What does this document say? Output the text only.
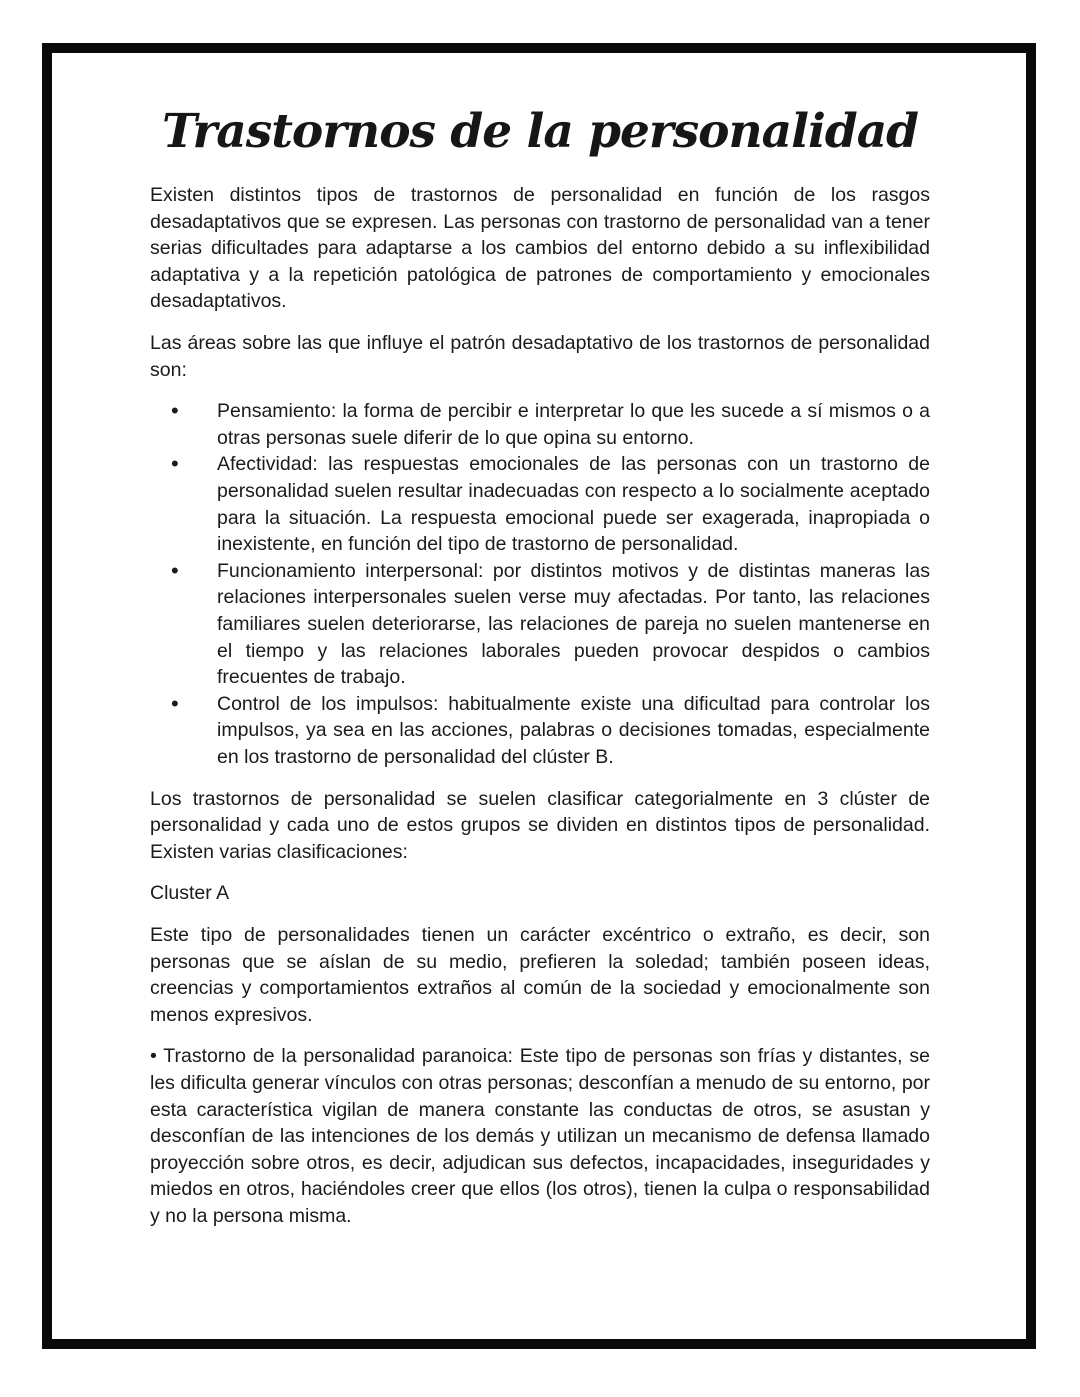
Trastornos de la personalidad

Existen distintos tipos de trastornos de personalidad en función de los rasgos desadaptativos que se expresen. Las personas con trastorno de personalidad van a tener serias dificultades para adaptarse a los cambios del entorno debido a su inflexibilidad adaptativa y a la repetición patológica de patrones de comportamiento y emocionales desadaptativos.

Las áreas sobre las que influye el patrón desadaptativo de los trastornos de personalidad son:

• Pensamiento: la forma de percibir e interpretar lo que les sucede a sí mismos o a otras personas suele diferir de lo que opina su entorno.
• Afectividad: las respuestas emocionales de las personas con un trastorno de personalidad suelen resultar inadecuadas con respecto a lo socialmente aceptado para la situación. La respuesta emocional puede ser exagerada, inapropiada o inexistente, en función del tipo de trastorno de personalidad.
• Funcionamiento interpersonal: por distintos motivos y de distintas maneras las relaciones interpersonales suelen verse muy afectadas. Por tanto, las relaciones familiares suelen deteriorarse, las relaciones de pareja no suelen mantenerse en el tiempo y las relaciones laborales pueden provocar despidos o cambios frecuentes de trabajo.
• Control de los impulsos: habitualmente existe una dificultad para controlar los impulsos, ya sea en las acciones, palabras o decisiones tomadas, especialmente en los trastorno de personalidad del clúster B.

Los trastornos de personalidad se suelen clasificar categorialmente en 3 clúster de personalidad y cada uno de estos grupos se dividen en distintos tipos de personalidad. Existen varias clasificaciones:

Cluster A

Este tipo de personalidades tienen un carácter excéntrico o extraño, es decir, son personas que se aíslan de su medio, prefieren la soledad; también poseen ideas, creencias y comportamientos extraños al común de la sociedad y emocionalmente son menos expresivos.

• Trastorno de la personalidad paranoica: Este tipo de personas son frías y distantes, se les dificulta generar vínculos con otras personas; desconfían a menudo de su entorno, por esta característica vigilan de manera constante las conductas de otros, se asustan y desconfían de las intenciones de los demás y utilizan un mecanismo de defensa llamado proyección sobre otros, es decir, adjudican sus defectos, incapacidades, inseguridades y miedos en otros, haciéndoles creer que ellos (los otros), tienen la culpa o responsabilidad y no la persona misma.
